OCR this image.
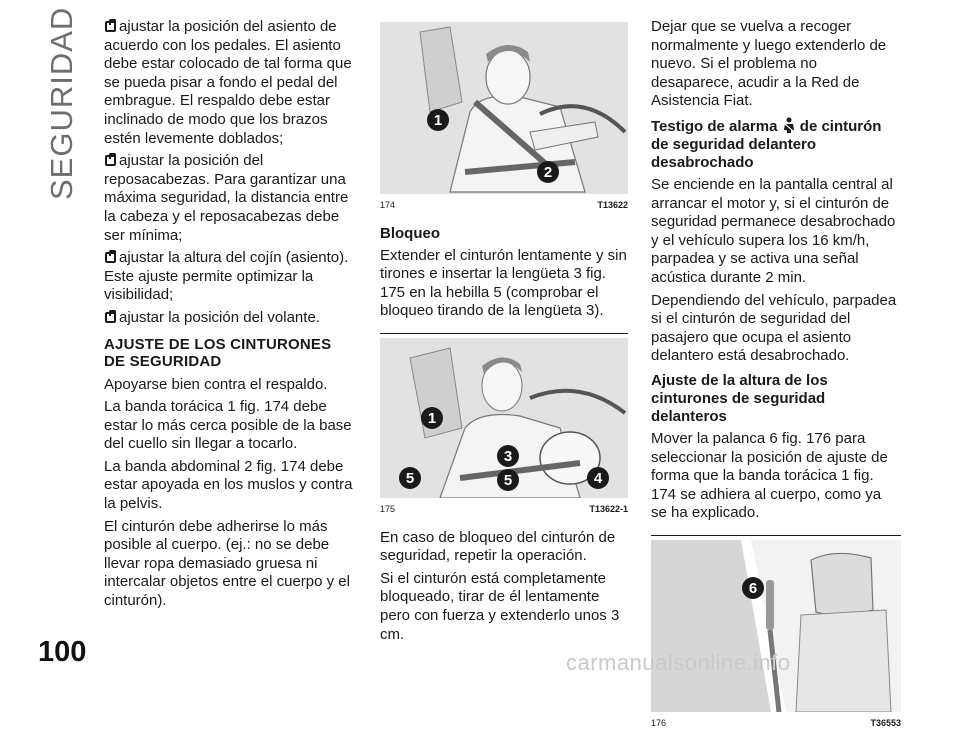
SEGURIDAD	ajustar la posición del asiento de acuerdo con los pedales. El asiento debe estar colocado de tal forma que se pueda pisar a fondo el pedal del embrague. El respaldo debe estar inclinado de modo que los brazos estén levemente doblados;

ajustar la posición del reposacabezas. Para garantizar una máxima seguridad, la distancia entre la cabeza y el reposacabezas debe ser mínima;

ajustar la altura del cojín (asiento). Este ajuste permite optimizar la visibilidad;

ajustar la posición del volante.

AJUSTE DE LOS CINTURONES DE SEGURIDAD

Apoyarse bien contra el respaldo.

La banda torácica 1 fig. 174 debe estar lo más cerca posible de la base del cuello sin llegar a tocarlo.

La banda abdominal 2 fig. 174 debe estar apoyada en los muslos y contra la pelvis.

El cinturón debe adherirse lo más posible al cuerpo. (ej.: no se debe llevar ropa demasiado gruesa ni intercalar objetos entre el cuerpo y el cinturón).

1
2
174	T13622
Bloqueo

Extender el cinturón lentamente y sin tirones e insertar la lengüeta 3 fig. 175 en la hebilla 5 (comprobar el bloqueo tirando de la lengüeta 3).

1
3
5	5	4
175	T13622-1

En caso de bloqueo del cinturón de seguridad, repetir la operación.

Si el cinturón está completamente bloqueado, tirar de él lentamente pero con fuerza y extenderlo unos 3 cm.

Dejar que se vuelva a recoger normalmente y luego extenderlo de nuevo. Si el problema no desaparece, acudir a la Red de Asistencia Fiat.

Testigo de alarma de cinturón de seguridad delantero desabrochado

Se enciende en la pantalla central al arrancar el motor y, si el cinturón de seguridad permanece desabrochado y el vehículo supera los 16 km/h, parpadea y se activa una señal acústica durante 2 min.

Dependiendo del vehículo, parpadea si el cinturón de seguridad del pasajero que ocupa el asiento delantero está desabrochado.

Ajuste de la altura de los cinturones de seguridad delanteros

Mover la palanca 6 fig. 176 para seleccionar la posición de ajuste de forma que la banda torácica 1 fig. 174 se adhiera al cuerpo, como ya se ha explicado.

6
176	T36553
100	carmanualsonline.info
